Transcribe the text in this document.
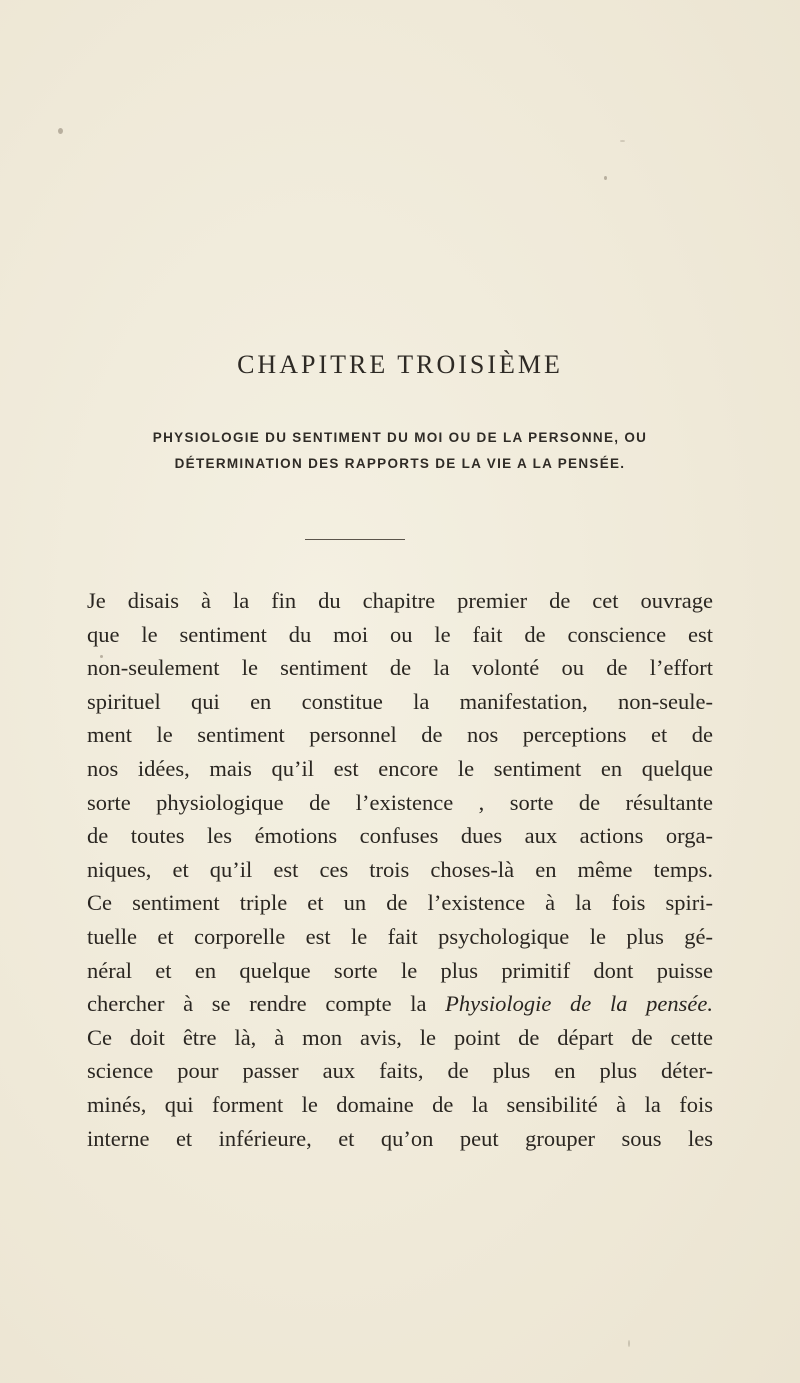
CHAPITRE TROISIÈME
PHYSIOLOGIE DU SENTIMENT DU MOI OU DE LA PERSONNE, OU
DÉTERMINATION DES RAPPORTS DE LA VIE A LA PENSÉE.
Je disais à la fin du chapitre premier de cet ouvrage
que le sentiment du moi ou le fait de conscience est
non-seulement le sentiment de la volonté ou de l’effort
spirituel qui en constitue la manifestation, non-seule-
ment le sentiment personnel de nos perceptions et de
nos idées, mais qu’il est encore le sentiment en quelque
sorte physiologique de l’existence , sorte de résultante
de toutes les émotions confuses dues aux actions orga-
niques, et qu’il est ces trois choses-là en même temps.
Ce sentiment triple et un de l’existence à la fois spiri-
tuelle et corporelle est le fait psychologique le plus gé-
néral et en quelque sorte le plus primitif dont puisse
chercher à se rendre compte la Physiologie de la pensée.
Ce doit être là, à mon avis, le point de départ de cette
science pour passer aux faits, de plus en plus déter-
minés, qui forment le domaine de la sensibilité à la fois
interne et inférieure, et qu’on peut grouper sous les
